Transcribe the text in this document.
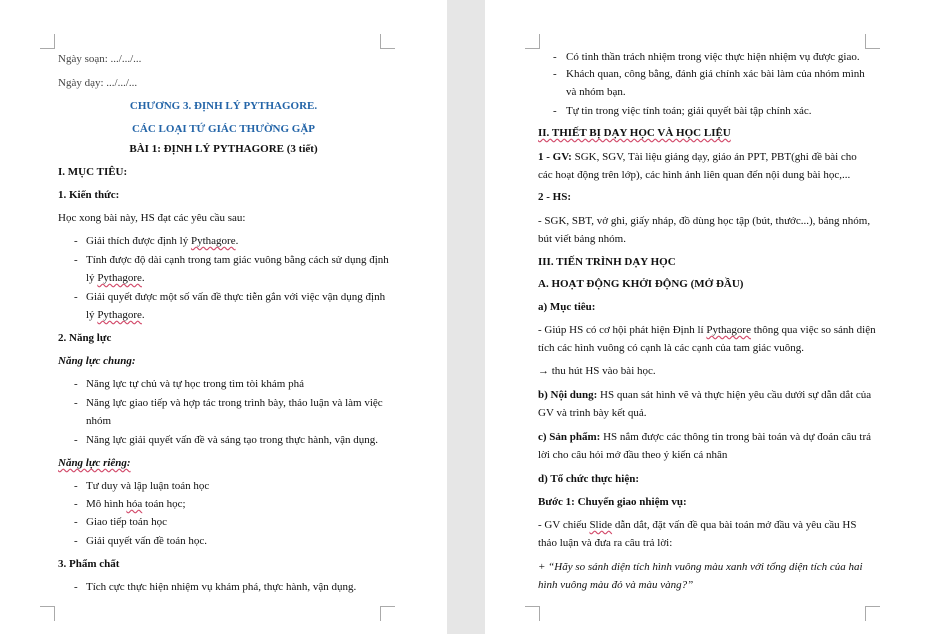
Ngày soạn: .../.../...
Ngày dạy: .../.../...
CHƯƠNG 3. ĐỊNH LÝ PYTHAGORE.
CÁC LOẠI TỨ GIÁC THƯỜNG GẶP
BÀI 1: ĐỊNH LÝ PYTHAGORE (3 tiết)
I. MỤC TIÊU:
1. Kiến thức:
Học xong bài này, HS đạt các yêu cầu sau:
- Giải thích được định lý Pythagore.
- Tính được độ dài cạnh trong tam giác vuông bằng cách sử dụng định
lý Pythagore.
- Giải quyết được một số vấn đề thực tiễn gắn với việc vận dụng định
lý Pythagore.
2. Năng lực
Năng lực chung:
- Năng lực tự chủ và tự học trong tìm tòi khám phá
- Năng lực giao tiếp và hợp tác trong trình bày, thảo luận và làm việc
nhóm
- Năng lực giải quyết vấn đề và sáng tạo trong thực hành, vận dụng.
Năng lực riêng:
- Tư duy và lập luận toán học
- Mô hình hóa toán học;
- Giao tiếp toán học
- Giải quyết vấn đề toán học.
3. Phẩm chất
- Tích cực thực hiện nhiệm vụ khám phá, thực hành, vận dụng.
- Có tinh thần trách nhiệm trong việc thực hiện nhiệm vụ được giao.
- Khách quan, công bằng, đánh giá chính xác bài làm của nhóm mình
và nhóm bạn.
- Tự tin trong việc tính toán; giải quyết bài tập chính xác.
II. THIẾT BỊ DẠY HỌC VÀ HỌC LIỆU
1 - GV: SGK, SGV, Tài liệu giảng dạy, giáo án PPT, PBT(ghi đề bài cho
các hoạt động trên lớp), các hình ảnh liên quan đến nội dung bài học,...
2 - HS:
- SGK, SBT, vở ghi, giấy nháp, đồ dùng học tập (bút, thước...), bảng nhóm,
bút viết bảng nhóm.
III. TIẾN TRÌNH DẠY HỌC
A. HOẠT ĐỘNG KHỞI ĐỘNG (MỞ ĐẦU)
a) Mục tiêu:
- Giúp HS có cơ hội phát hiện Định lí Pythagore thông qua việc so sánh diện
tích các hình vuông có cạnh là các cạnh của tam giác vuông.
→ thu hút HS vào bài học.
b) Nội dung: HS quan sát hình vẽ và thực hiện yêu cầu dưới sự dẫn dắt của
GV và trình bày kết quả.
c) Sản phẩm: HS nắm được các thông tin trong bài toán và dự đoán câu trả
lời cho câu hỏi mở đầu theo ý kiến cá nhân
d) Tổ chức thực hiện:
Bước 1: Chuyển giao nhiệm vụ:
- GV chiếu Slide dẫn dắt, đặt vấn đề qua bài toán mở đầu và yêu cầu HS
thảo luận và đưa ra câu trả lời:
+ “Hãy so sánh diện tích hình vuông màu xanh với tổng diện tích của hai
hình vuông màu đỏ và màu vàng?”
